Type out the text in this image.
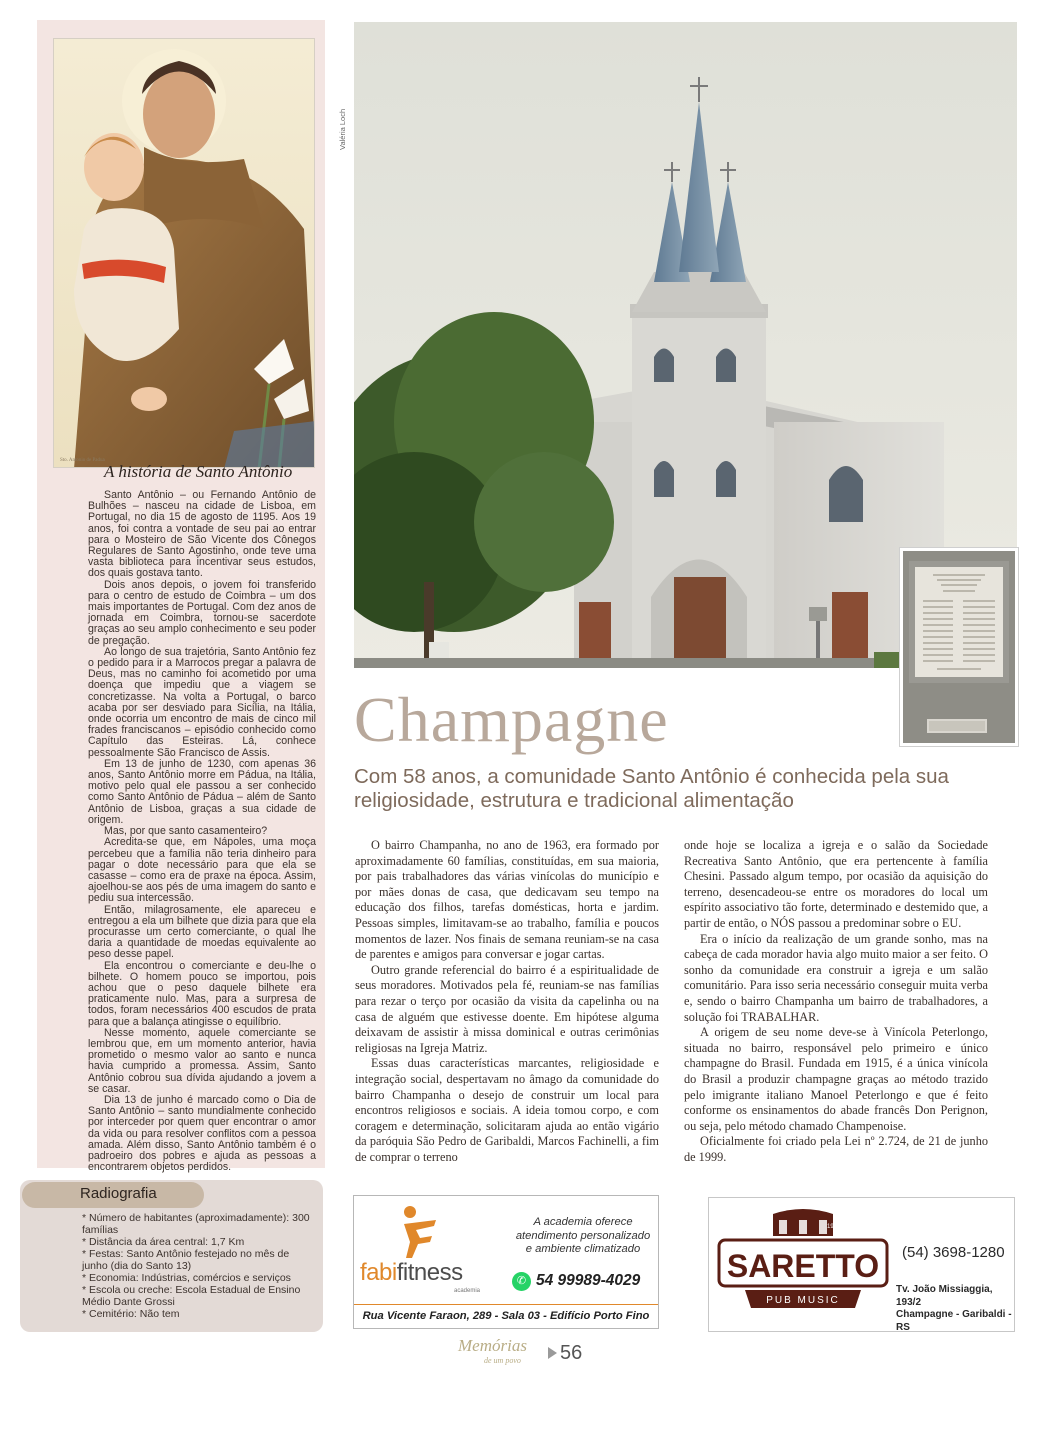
Sto. Antonio de Padua
A história de Santo Antônio

Santo Antônio – ou Fernando Antônio de Bulhões – nasceu na cidade de Lisboa, em Portugal, no dia 15 de agosto de 1195. Aos 19 anos, foi contra a vontade de seu pai ao entrar para o Mosteiro de São Vicente dos Cônegos Regulares de Santo Agostinho, onde teve uma vasta biblioteca para incentivar seus estudos, dos quais gostava tanto.

Dois anos depois, o jovem foi transferido para o centro de estudo de Coimbra – um dos mais importantes de Portugal. Com dez anos de jornada em Coimbra, tornou-se sacerdote graças ao seu amplo conhecimento e seu poder de pregação.

Ao longo de sua trajetória, Santo Antônio fez o pedido para ir a Marrocos pregar a palavra de Deus, mas no caminho foi acometido por uma doença que impediu que a viagem se concretizasse. Na volta a Portugal, o barco acaba por ser desviado para Sicília, na Itália, onde ocorria um encontro de mais de cinco mil frades franciscanos – episódio conhecido como Capítulo das Esteiras. Lá, conhece pessoalmente São Francisco de Assis.

Em 13 de junho de 1230, com apenas 36 anos, Santo Antônio morre em Pádua, na Itália, motivo pelo qual ele passou a ser conhecido como Santo Antônio de Pádua – além de Santo Antônio de Lisboa, graças a sua cidade de origem.

Mas, por que santo casamenteiro?

Acredita-se que, em Nápoles, uma moça percebeu que a família não teria dinheiro para pagar o dote necessário para que ela se casasse – como era de praxe na época. Assim, ajoelhou-se aos pés de uma imagem do santo e pediu sua intercessão.

Então, milagrosamente, ele apareceu e entregou a ela um bilhete que dizia para que ela procurasse um certo comerciante, o qual lhe daria a quantidade de moedas equivalente ao peso desse papel.

Ela encontrou o comerciante e deu-lhe o bilhete. O homem pouco se importou, pois achou que o peso daquele bilhete era praticamente nulo. Mas, para a surpresa de todos, foram necessários 400 escudos de prata para que a balança atingisse o equilíbrio.

Nesse momento, aquele comerciante se lembrou que, em um momento anterior, havia prometido o mesmo valor ao santo e nunca havia cumprido a promessa. Assim, Santo Antônio cobrou sua dívida ajudando a jovem a se casar.

Dia 13 de junho é marcado como o Dia de Santo Antônio – santo mundialmente conhecido por interceder por quem quer encontrar o amor da vida ou para resolver conflitos com a pessoa amada. Além disso, Santo Antônio também é o padroeiro dos pobres e ajuda as pessoas a encontrarem objetos perdidos.

Radiografia
* Número de habitantes (aproximadamente): 300 famílias
* Distância da área central: 1,7 Km
* Festas: Santo Antônio festejado no mês de junho (dia do Santo 13)
* Economia: Indústrias, comércios e serviços
* Escola ou creche: Escola Estadual de Ensino Médio Dante Grossi
* Cemitério: Não tem
Valéria Loch
Champagne
Com 58 anos, a comunidade Santo Antônio é conhecida pela sua religiosidade, estrutura e tradicional alimentação

O bairro Champanha, no ano de 1963, era formado por aproximadamente 60 famílias, constituídas, em sua maioria, por pais trabalhadores das várias vinícolas do município e por mães donas de casa, que dedicavam seu tempo na educação dos filhos, tarefas domésticas, horta e jardim. Pessoas simples, limitavam-se ao trabalho, família e poucos momentos de lazer. Nos finais de semana reuniam-se na casa de parentes e amigos para conversar e jogar cartas.

Outro grande referencial do bairro é a espiritualidade de seus moradores. Motivados pela fé, reuniam-se nas famílias para rezar o terço por ocasião da visita da capelinha ou na casa de alguém que estivesse doente. Em hipótese alguma deixavam de assistir à missa dominical e outras cerimônias religiosas na Igreja Matriz.

Essas duas características marcantes, religiosidade e integração social, despertavam no âmago da comunidade do bairro Champanha o desejo de construir um local para encontros religiosos e sociais. A ideia tomou corpo, e com coragem e determinação, solicitaram ajuda ao então vigário da paróquia São Pedro de Garibaldi, Marcos Fachinelli, a fim de comprar o terreno

onde hoje se localiza a igreja e o salão da Sociedade Recreativa Santo Antônio, que era pertencente à família Chesini. Passado algum tempo, por ocasião da aquisição do terreno, desencadeou-se entre os moradores do local um espírito associativo tão forte, determinado e destemido que, a partir de então, o NÓS passou a predominar sobre o EU.

Era o início da realização de um grande sonho, mas na cabeça de cada morador havia algo muito maior a ser feito. O sonho da comunidade era construir a igreja e um salão comunitário. Para isso seria necessário conseguir muita verba e, sendo o bairro Champanha um bairro de trabalhadores, a solução foi TRABALHAR.

A origem de seu nome deve-se à Vinícola Peterlongo, situada no bairro, responsável pelo primeiro e único champagne do Brasil. Fundada em 1915, é a única vinícola do Brasil a produzir champagne graças ao método trazido pelo imigrante italiano Manoel Peterlongo e que é feito conforme os ensinamentos do abade francês Don Perignon, ou seja, pelo método chamado Champenoise.

Oficialmente foi criado pela Lei nº 2.724, de 21 de junho de 1999.

fabifitness
academia
A academia oferece atendimento personalizado e ambiente climatizado
✆ 54 99989-4029
Rua Vicente Faraon, 289 - Sala 03 - Edifício Porto Fino
EST	1990
SARETTO
PUB MUSIC
(54) 3698-1280
Tv. João Missiaggia, 193/2
Champagne - Garibaldi -RS
Memórias
de um povo 56
